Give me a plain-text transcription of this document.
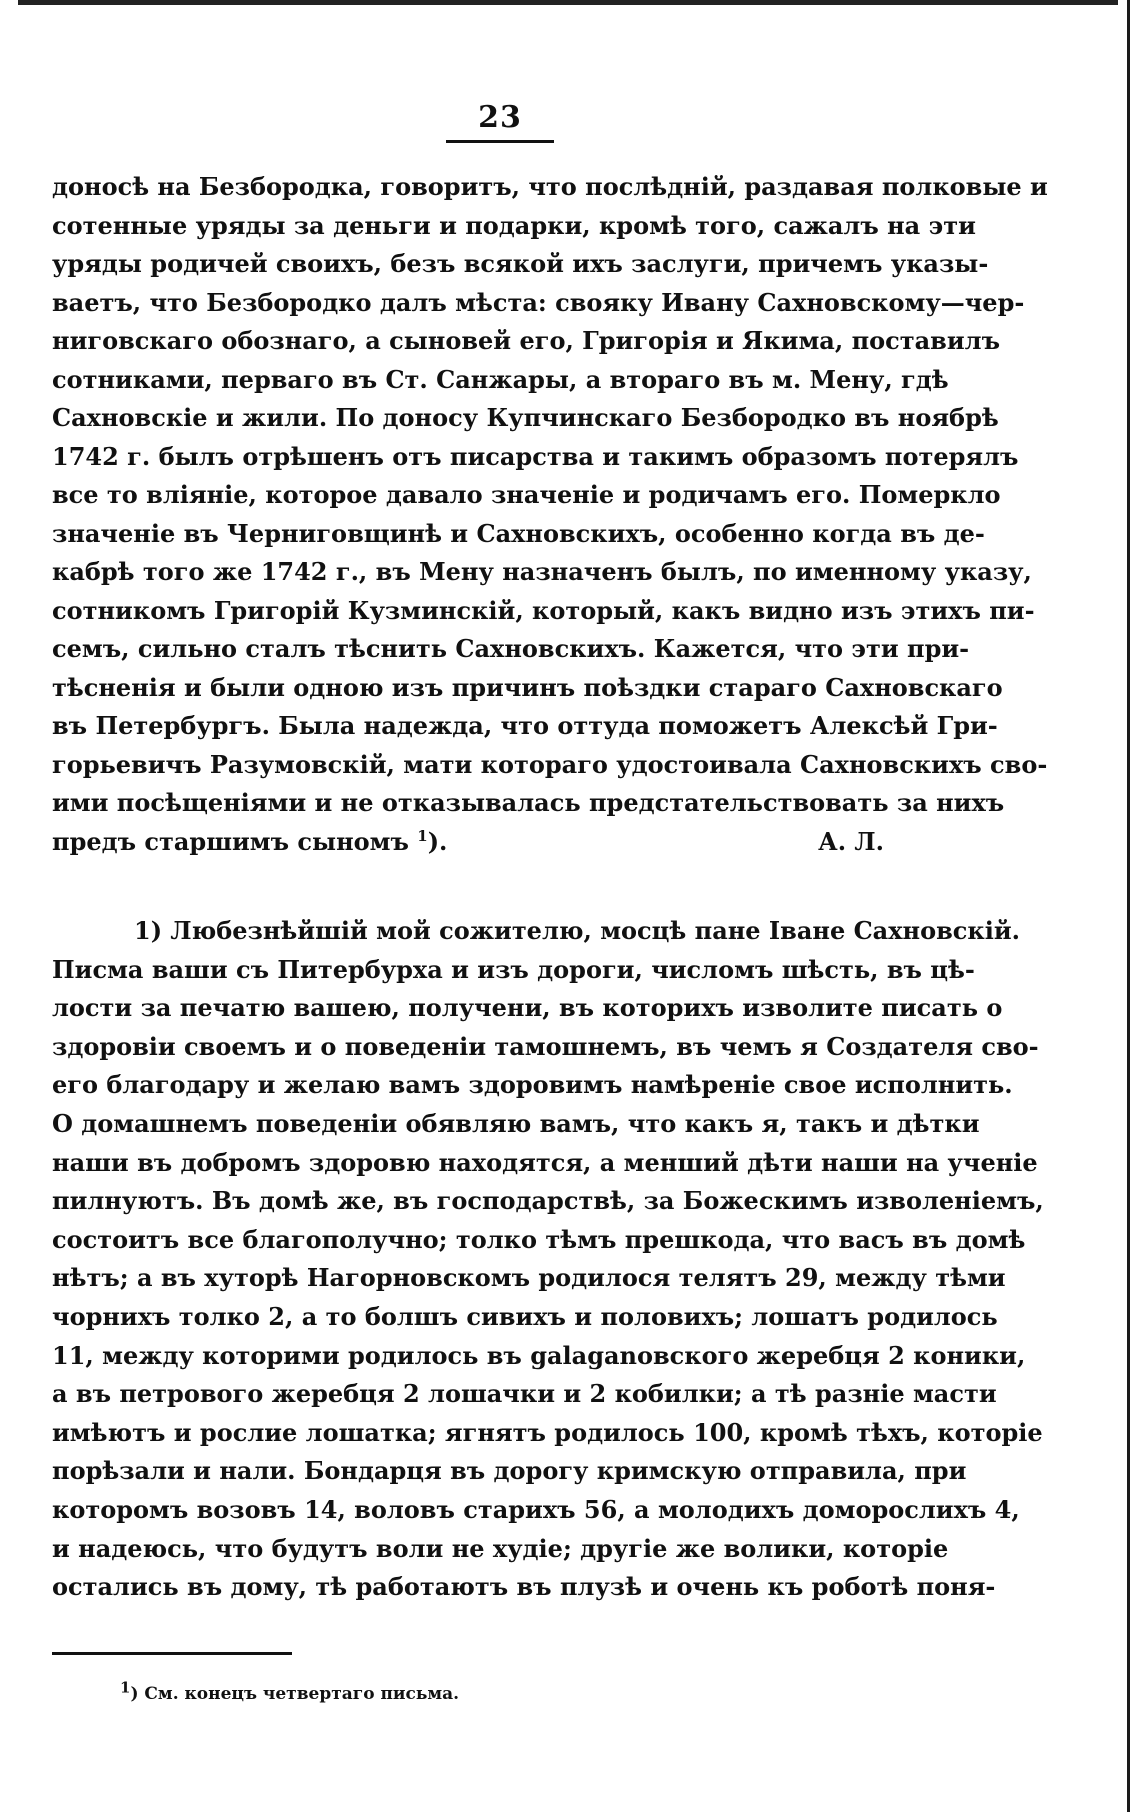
23
доносѣ на Безбородка, говоритъ, что послѣдній, раздавая полковые и
сотенные уряды за деньги и подарки, кромѣ того, сажалъ на эти
уряды родичей своихъ, безъ всякой ихъ заслуги, причемъ указы-
ваетъ, что Безбородко далъ мѣста: свояку Ивану Сахновскому—чер-
ниговскаго обознаго, а сыновей его, Григорія и Якима, поставилъ
сотниками, перваго въ Ст. Санжары, а втораго въ м. Мену, гдѣ
Сахновскіе и жили. По доносу Купчинскаго Безбородко въ ноябрѣ
1742 г. былъ отрѣшенъ отъ писарства и такимъ образомъ потерялъ
все то вліяніе, которое давало значеніе и родичамъ его. Померкло
значеніе въ Черниговщинѣ и Сахновскихъ, особенно когда въ де-
кабрѣ того же 1742 г., въ Мену назначенъ былъ, по именному указу,
сотникомъ Григорій Кузминскій, который, какъ видно изъ этихъ пи-
семъ, сильно сталъ тѣснить Сахновскихъ. Кажется, что эти при-
тѣсненія и были одною изъ причинъ поѣздки стараго Сахновскаго
въ Петербургъ. Была надежда, что оттуда поможетъ Алексѣй Гри-
горьевичъ Разумовскій, мати котораго удостоивала Сахновскихъ сво-
ими посѣщеніями и не отказывалась предстательствовать за нихъ
предъ старшимъ сыномъ $^1$).	А. Л.
1) Любезнѣйшій мой сожителю, мосцѣ пане Іване Сахновскій.
Писма ваши съ Питербурха и изъ дороги, числомъ шѣсть, въ цѣ-
лости за печатю вашею, получени, въ которихъ изволите писать о
здоровіи своемъ и о поведеніи тамошнемъ, въ чемъ я Создателя сво-
его благодару и желаю вамъ здоровимъ намѣреніе свое исполнить.
О домашнемъ поведеніи обявляю вамъ, что какъ я, такъ и дѣтки
наши въ добромъ здоровю находятся, а менший дѣти наши на ученіе
пилнуютъ. Въ домѣ же, въ господарствѣ, за Божескимъ изволеніемъ,
состоитъ все благополучно; толко тѣмъ прешкода, что васъ въ домѣ
нѣтъ; а въ хуторѣ Нагорновскомъ родилося телятъ 29, между тѣми
чорнихъ толко 2, а то болшъ сивихъ и половихъ; лошатъ родилось
11, между которими родилось въ galaganовского жеребця 2 коники,
а въ петрового жеребця 2 лошачки и 2 кобилки; а тѣ разніе масти
имѣютъ и рослие лошатка; ягнятъ родилось 100, кромѣ тѣхъ, которіе
порѣзали и нали. Бондарця въ дорогу кримскую отправила, при
которомъ возовъ 14, воловъ старихъ 56, а молодихъ доморослихъ 4,
и надеюсь, что будутъ воли не худіе; другіе же волики, которіе
остались въ дому, тѣ работаютъ въ плузѣ и очень къ роботѣ поня-
$^1$) См. конецъ четвертаго письма.
